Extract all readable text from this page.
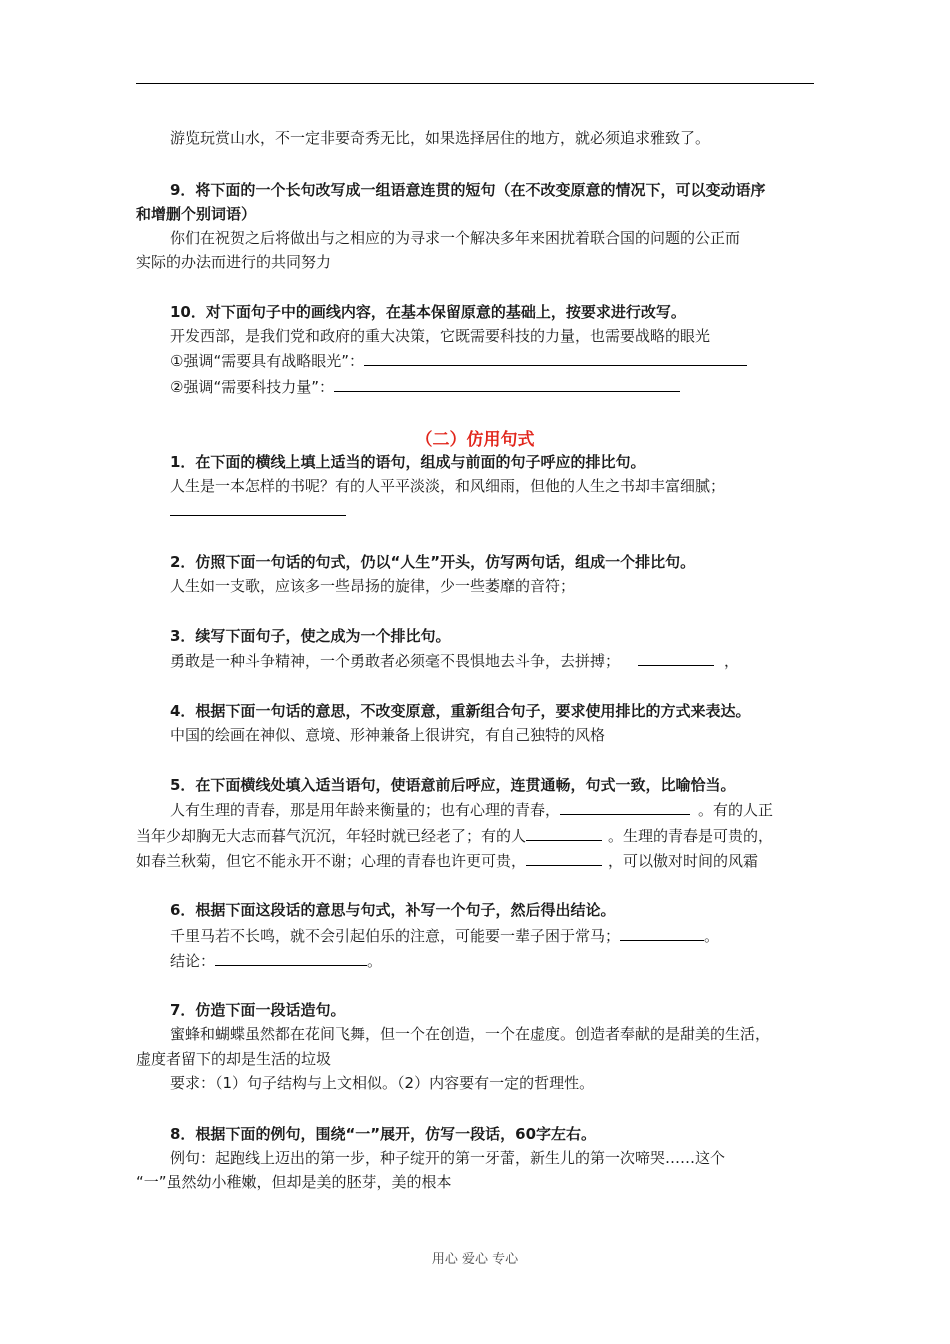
游览玩赏山水，不一定非要奇秀无比，如果选择居住的地方，就必须追求雅致了。
9．将下面的一个长句改写成一组语意连贯的短句（在不改变原意的情况下，可以变动语序
和增删个别词语）
你们在祝贺之后将做出与之相应的为寻求一个解决多年来困扰着联合国的问题的公正而
实际的办法而进行的共同努力
10．对下面句子中的画线内容，在基本保留原意的基础上，按要求进行改写。
开发西部，是我们党和政府的重大决策，它既需要科技的力量，也需要战略的眼光
①强调“需要具有战略眼光”：
②强调“需要科技力量”：
（二）仿用句式
1．在下面的横线上填上适当的语句，组成与前面的句子呼应的排比句。
人生是一本怎样的书呢？有的人平平淡淡，和风细雨，但他的人生之书却丰富细腻；
2．仿照下面一句话的句式，仍以“人生”开头，仿写两句话，组成一个排比句。
人生如一支歌，应该多一些昂扬的旋律，少一些萎靡的音符；
3．续写下面句子，使之成为一个排比句。
勇敢是一种斗争精神，一个勇敢者必须毫不畏惧地去斗争，去拼搏；	，
4．根据下面一句话的意思，不改变原意，重新组合句子，要求使用排比的方式来表达。
中国的绘画在神似、意境、形神兼备上很讲究，有自己独特的风格
5．在下面横线处填入适当语句，使语意前后呼应，连贯通畅，句式一致，比喻恰当。
人有生理的青春，那是用年龄来衡量的；也有心理的青春，	。有的人正
当年少却胸无大志而暮气沉沉，年轻时就已经老了；有的人	。生理的青春是可贵的，
如春兰秋菊，但它不能永开不谢；心理的青春也许更可贵，	，可以傲对时间的风霜
6．根据下面这段话的意思与句式，补写一个句子，然后得出结论。
千里马若不长鸣，就不会引起伯乐的注意，可能要一辈子困于常马；	。
结论：	。
7．仿造下面一段话造句。
蜜蜂和蝴蝶虽然都在花间飞舞，但一个在创造，一个在虚度。创造者奉献的是甜美的生活，
虚度者留下的却是生活的垃圾
要求：（1）句子结构与上文相似。（2）内容要有一定的哲理性。
8．根据下面的例句，围绕“一”展开，仿写一段话，60字左右。
例句：起跑线上迈出的第一步，种子绽开的第一牙蕾，新生儿的第一次啼哭……这个
“一”虽然幼小稚嫩，但却是美的胚芽，美的根本
用心 爱心 专心
